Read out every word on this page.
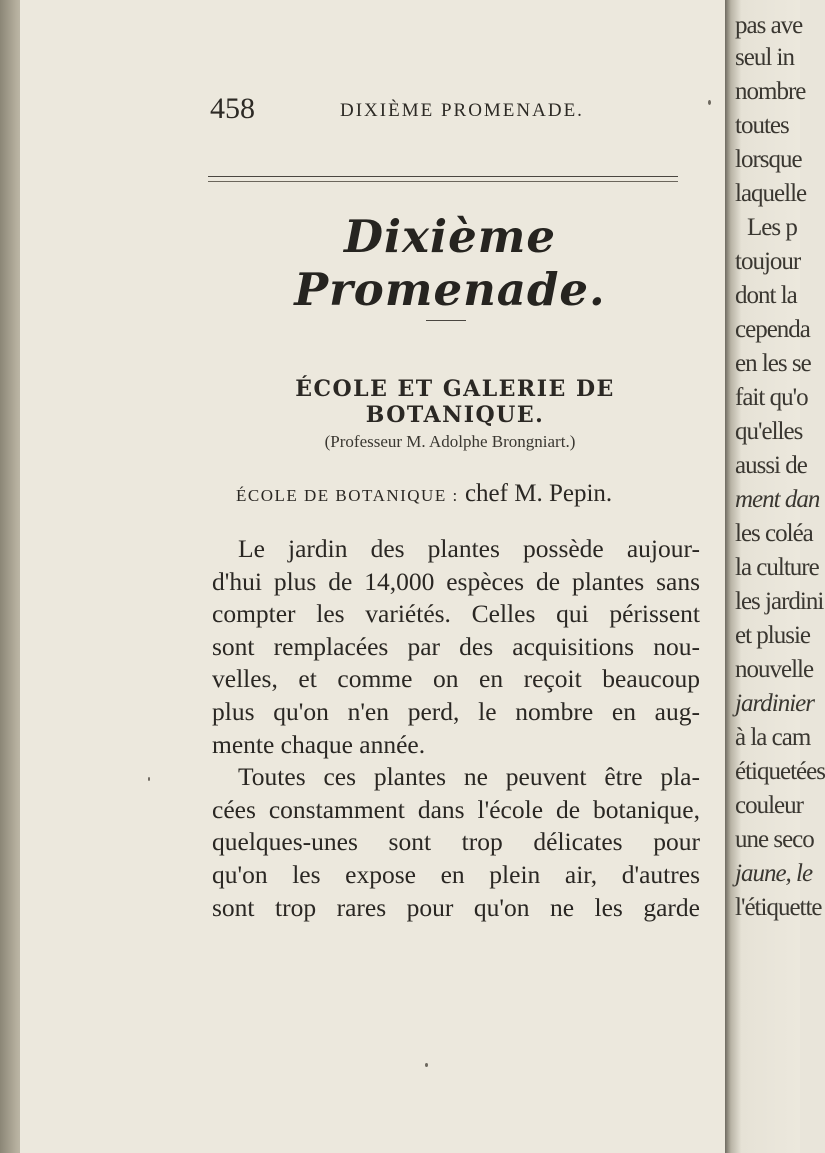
458	DIXIÈME PROMENADE.
Dixième Promenade.
ÉCOLE ET GALERIE DE BOTANIQUE.
(Professeur M. Adolphe Brongniart.)
ÉCOLE DE BOTANIQUE : chef M. Pepin.
Le jardin des plantes possède aujour-
d'hui plus de 14,000 espèces de plantes sans
compter les variétés. Celles qui périssent
sont remplacées par des acquisitions nou-
velles, et comme on en reçoit beaucoup
plus qu'on n'en perd, le nombre en aug-
mente chaque année.
Toutes ces plantes ne peuvent être pla-
cées constamment dans l'école de botanique,
quelques-unes sont trop délicates pour
qu'on les expose en plein air, d'autres
sont trop rares pour qu'on ne les garde
pas ave
seul in
nombre
toutes
lorsque
laquelle
Les p
toujour
dont la
cependa
en les se
fait qu'o
qu'elles
aussi de
ment dan
les coléa
la culture
les jardini
et plusie
nouvelle
jardinier
à la cam
étiquetées
couleur
une seco
jaune, le
l'étiquette
